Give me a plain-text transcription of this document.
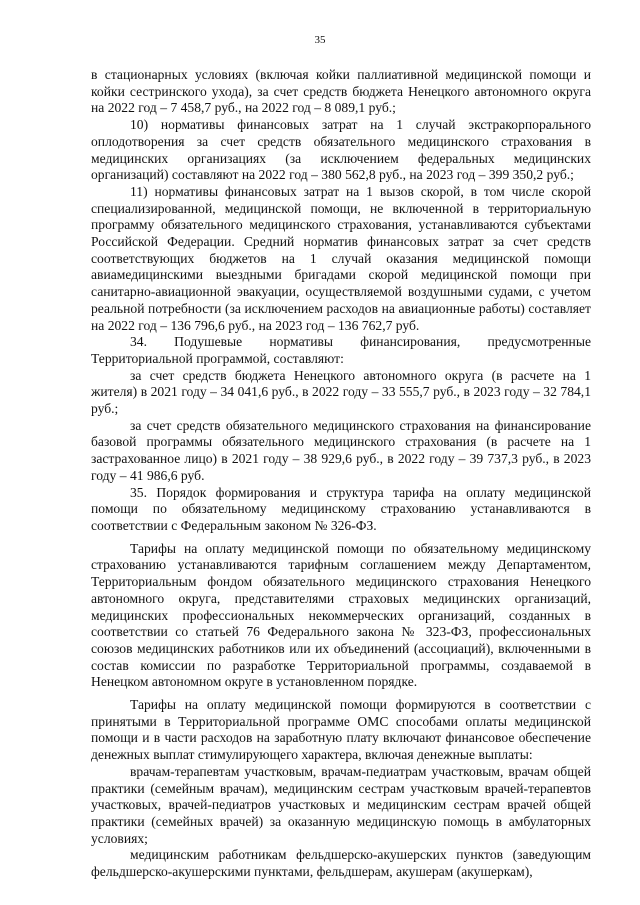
35

в стационарных условиях (включая койки паллиативной медицинской помощи и койки сестринского ухода), за счет средств бюджета Ненецкого автономного округа на 2022 год – 7 458,7 руб., на 2022 год – 8 089,1 руб.;

10) нормативы финансовых затрат на 1 случай экстракорпорального оплодотворения за счет средств обязательного медицинского страхования в медицинских организациях (за исключением федеральных медицинских организаций) составляют на 2022 год – 380 562,8 руб., на 2023 год – 399 350,2 руб.;

11) нормативы финансовых затрат на 1 вызов скорой, в том числе скорой специализированной, медицинской помощи, не включенной в территориальную программу обязательного медицинского страхования, устанавливаются субъектами Российской Федерации. Средний норматив финансовых затрат за счет средств соответствующих бюджетов на 1 случай оказания медицинской помощи авиамедицинскими выездными бригадами скорой медицинской помощи при санитарно-авиационной эвакуации, осуществляемой воздушными судами, с учетом реальной потребности (за исключением расходов на авиационные работы) составляет на 2022 год – 136 796,6 руб., на 2023 год – 136 762,7 руб.

34. Подушевые нормативы финансирования, предусмотренные Территориальной программой, составляют:

за счет средств бюджета Ненецкого автономного округа (в расчете на 1 жителя) в 2021 году – 34 041,6 руб., в 2022 году – 33 555,7 руб., в 2023 году – 32 784,1 руб.;

за счет средств обязательного медицинского страхования на финансирование базовой программы обязательного медицинского страхования (в расчете на 1 застрахованное лицо) в 2021 году – 38 929,6 руб., в 2022 году – 39 737,3 руб., в 2023 году – 41 986,6 руб.

35. Порядок формирования и структура тарифа на оплату медицинской помощи по обязательному медицинскому страхованию устанавливаются в соответствии с Федеральным законом № 326-ФЗ.

Тарифы на оплату медицинской помощи по обязательному медицинскому страхованию устанавливаются тарифным соглашением между Департаментом, Территориальным фондом обязательного медицинского страхования Ненецкого автономного округа, представителями страховых медицинских организаций, медицинских профессиональных некоммерческих организаций, созданных в соответствии со статьей 76 Федерального закона № 323-ФЗ, профессиональных союзов медицинских работников или их объединений (ассоциаций), включенными в состав комиссии по разработке Территориальной программы, создаваемой в Ненецком автономном округе в установленном порядке.

Тарифы на оплату медицинской помощи формируются в соответствии с принятыми в Территориальной программе ОМС способами оплаты медицинской помощи и в части расходов на заработную плату включают финансовое обеспечение денежных выплат стимулирующего характера, включая денежные выплаты:

врачам-терапевтам участковым, врачам-педиатрам участковым, врачам общей практики (семейным врачам), медицинским сестрам участковым врачей-терапевтов участковых, врачей-педиатров участковых и медицинским сестрам врачей общей практики (семейных врачей) за оказанную медицинскую помощь в амбулаторных условиях;

медицинским работникам фельдшерско-акушерских пунктов (заведующим фельдшерско-акушерскими пунктами, фельдшерам, акушерам (акушеркам),
